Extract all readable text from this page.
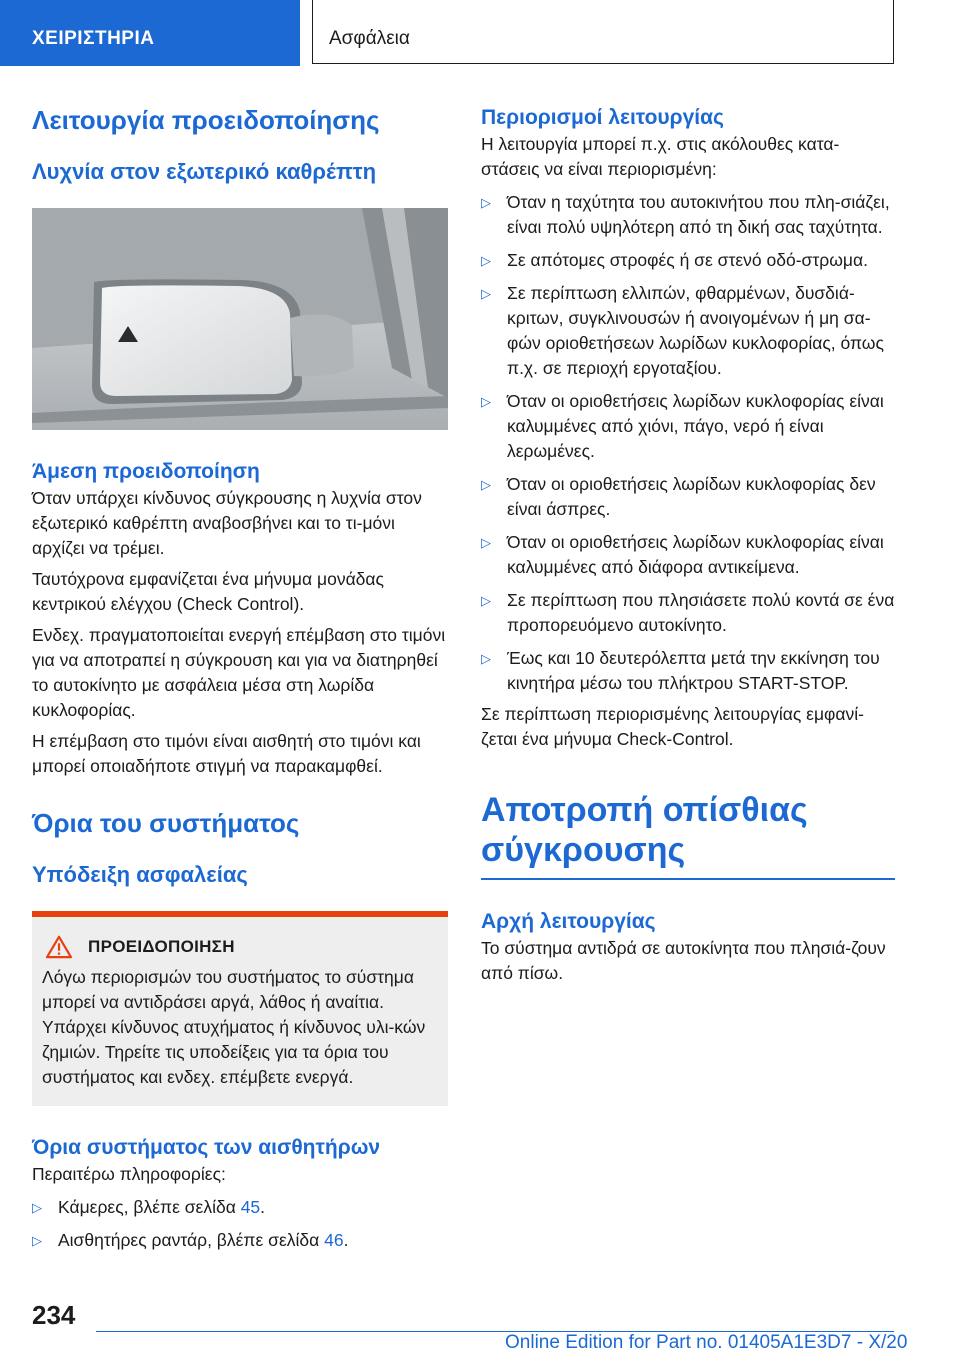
ΧΕΙΡΙΣΤΗΡΙΑ	Ασφάλεια
Λειτουργία προειδοποίησης
Λυχνία στον εξωτερικό καθρέπτη
Άμεση προειδοποίηση

Όταν υπάρχει κίνδυνος σύγκρουσης η λυχνία στον εξωτερικό καθρέπτη αναβοσβήνει και το τι-μόνι αρχίζει να τρέμει.

Ταυτόχρονα εμφανίζεται ένα μήνυμα μονάδας κεντρικού ελέγχου (Check Control).

Ενδεχ. πραγματοποιείται ενεργή επέμβαση στο τιμόνι για να αποτραπεί η σύγκρουση και για να διατηρηθεί το αυτοκίνητο με ασφάλεια μέσα στη λωρίδα κυκλοφορίας.

Η επέμβαση στο τιμόνι είναι αισθητή στο τιμόνι και μπορεί οποιαδήποτε στιγμή να παρακαμφθεί.

Όρια του συστήματος
Υπόδειξη ασφαλείας
ΠΡΟΕΙΔΟΠΟΙΗΣΗ

Λόγω περιορισμών του συστήματος το σύστημα μπορεί να αντιδράσει αργά, λάθος ή αναίτια. Υπάρχει κίνδυνος ατυχήματος ή κίνδυνος υλι-κών ζημιών. Τηρείτε τις υποδείξεις για τα όρια του συστήματος και ενδεχ. επέμβετε ενεργά.

Όρια συστήματος των αισθητήρων

Περαιτέρω πληροφορίες:

▷ Κάμερες, βλέπε σελίδα 45.
▷ Αισθητήρες ραντάρ, βλέπε σελίδα 46.
Περιορισμοί λειτουργίας

Η λειτουργία μπορεί π.χ. στις ακόλουθες κατα-στάσεις να είναι περιορισμένη:

▷ Όταν η ταχύτητα του αυτοκινήτου που πλη-σιάζει, είναι πολύ υψηλότερη από τη δική σας ταχύτητα.
▷ Σε απότομες στροφές ή σε στενό οδό-στρωμα.
▷ Σε περίπτωση ελλιπών, φθαρμένων, δυσδιά-κριτων, συγκλινουσών ή ανοιγομένων ή μη σα-φών οριοθετήσεων λωρίδων κυκλοφορίας, όπως π.χ. σε περιοχή εργοταξίου.
▷ Όταν οι οριοθετήσεις λωρίδων κυκλοφορίας είναι καλυμμένες από χιόνι, πάγο, νερό ή είναι λερωμένες.
▷ Όταν οι οριοθετήσεις λωρίδων κυκλοφορίας δεν είναι άσπρες.
▷ Όταν οι οριοθετήσεις λωρίδων κυκλοφορίας είναι καλυμμένες από διάφορα αντικείμενα.
▷ Σε περίπτωση που πλησιάσετε πολύ κοντά σε ένα προπορευόμενο αυτοκίνητο.
▷ Έως και 10 δευτερόλεπτα μετά την εκκίνηση του κινητήρα μέσω του πλήκτρου START-STOP.

Σε περίπτωση περιορισμένης λειτουργίας εμφανί-ζεται ένα μήνυμα Check-Control.

Αποτροπή οπίσθιας σύγκρουσης
Αρχή λειτουργίας

Το σύστημα αντιδρά σε αυτοκίνητα που πλησιά-ζουν από πίσω.

234
Online Edition for Part no. 01405A1E3D7 - X/20
